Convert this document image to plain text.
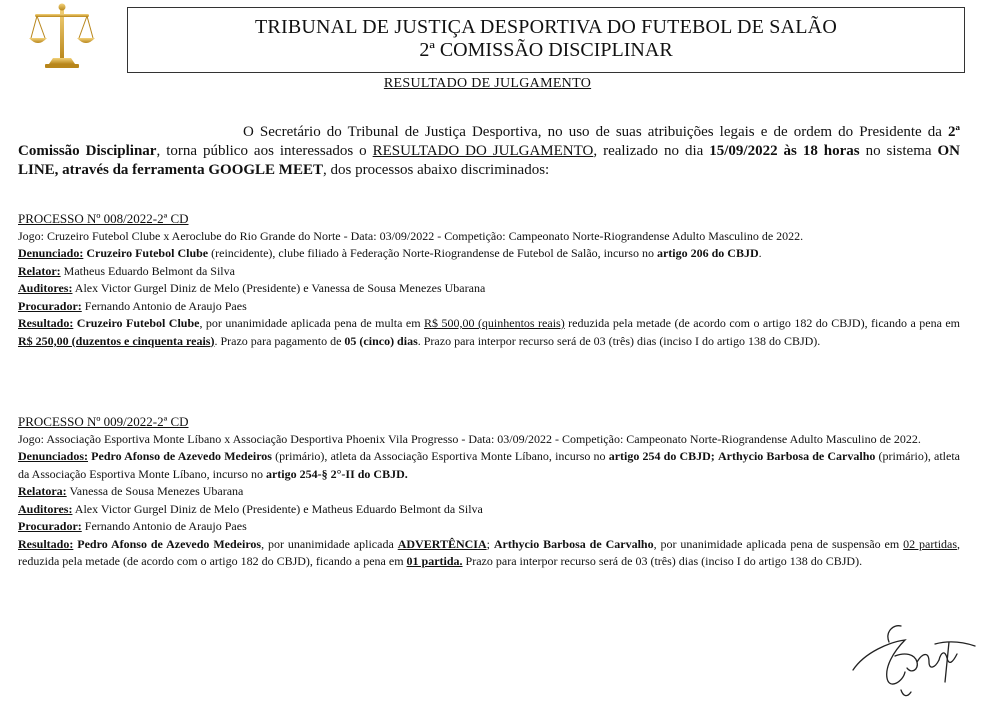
TRIBUNAL DE JUSTIÇA DESPORTIVA DO FUTEBOL DE SALÃO
2ª COMISSÃO DISCIPLINAR
RESULTADO DE JULGAMENTO
O Secretário do Tribunal de Justiça Desportiva, no uso de suas atribuições legais e de ordem do Presidente da 2ª Comissão Disciplinar, torna público aos interessados o RESULTADO DO JULGAMENTO, realizado no dia 15/09/2022 às 18 horas no sistema ON LINE, através da ferramenta GOOGLE MEET, dos processos abaixo discriminados:
PROCESSO Nº 008/2022-2ª CD
Jogo: Cruzeiro Futebol Clube x Aeroclube do Rio Grande do Norte - Data: 03/09/2022 - Competição: Campeonato Norte-Riograndense Adulto Masculino de 2022.
Denunciado: Cruzeiro Futebol Clube (reincidente), clube filiado à Federação Norte-Riograndense de Futebol de Salão, incurso no artigo 206 do CBJD.
Relator: Matheus Eduardo Belmont da Silva
Auditores: Alex Victor Gurgel Diniz de Melo (Presidente) e Vanessa de Sousa Menezes Ubarana
Procurador: Fernando Antonio de Araujo Paes
Resultado: Cruzeiro Futebol Clube, por unanimidade aplicada pena de multa em R$ 500,00 (quinhentos reais) reduzida pela metade (de acordo com o artigo 182 do CBJD), ficando a pena em R$ 250,00 (duzentos e cinquenta reais). Prazo para pagamento de 05 (cinco) dias. Prazo para interpor recurso será de 03 (três) dias (inciso I do artigo 138 do CBJD).
PROCESSO Nº 009/2022-2ª CD
Jogo: Associação Esportiva Monte Líbano x Associação Desportiva Phoenix Vila Progresso - Data: 03/09/2022 - Competição: Campeonato Norte-Riograndense Adulto Masculino de 2022.
Denunciados: Pedro Afonso de Azevedo Medeiros (primário), atleta da Associação Esportiva Monte Líbano, incurso no artigo 254 do CBJD; Arthycio Barbosa de Carvalho (primário), atleta da Associação Esportiva Monte Líbano, incurso no artigo 254-§ 2°-II do CBJD.
Relatora: Vanessa de Sousa Menezes Ubarana
Auditores: Alex Victor Gurgel Diniz de Melo (Presidente) e Matheus Eduardo Belmont da Silva
Procurador: Fernando Antonio de Araujo Paes
Resultado: Pedro Afonso de Azevedo Medeiros, por unanimidade aplicada ADVERTÊNCIA; Arthycio Barbosa de Carvalho, por unanimidade aplicada pena de suspensão em 02 partidas, reduzida pela metade (de acordo com o artigo 182 do CBJD), ficando a pena em 01 partida. Prazo para interpor recurso será de 03 (três) dias (inciso I do artigo 138 do CBJD).
